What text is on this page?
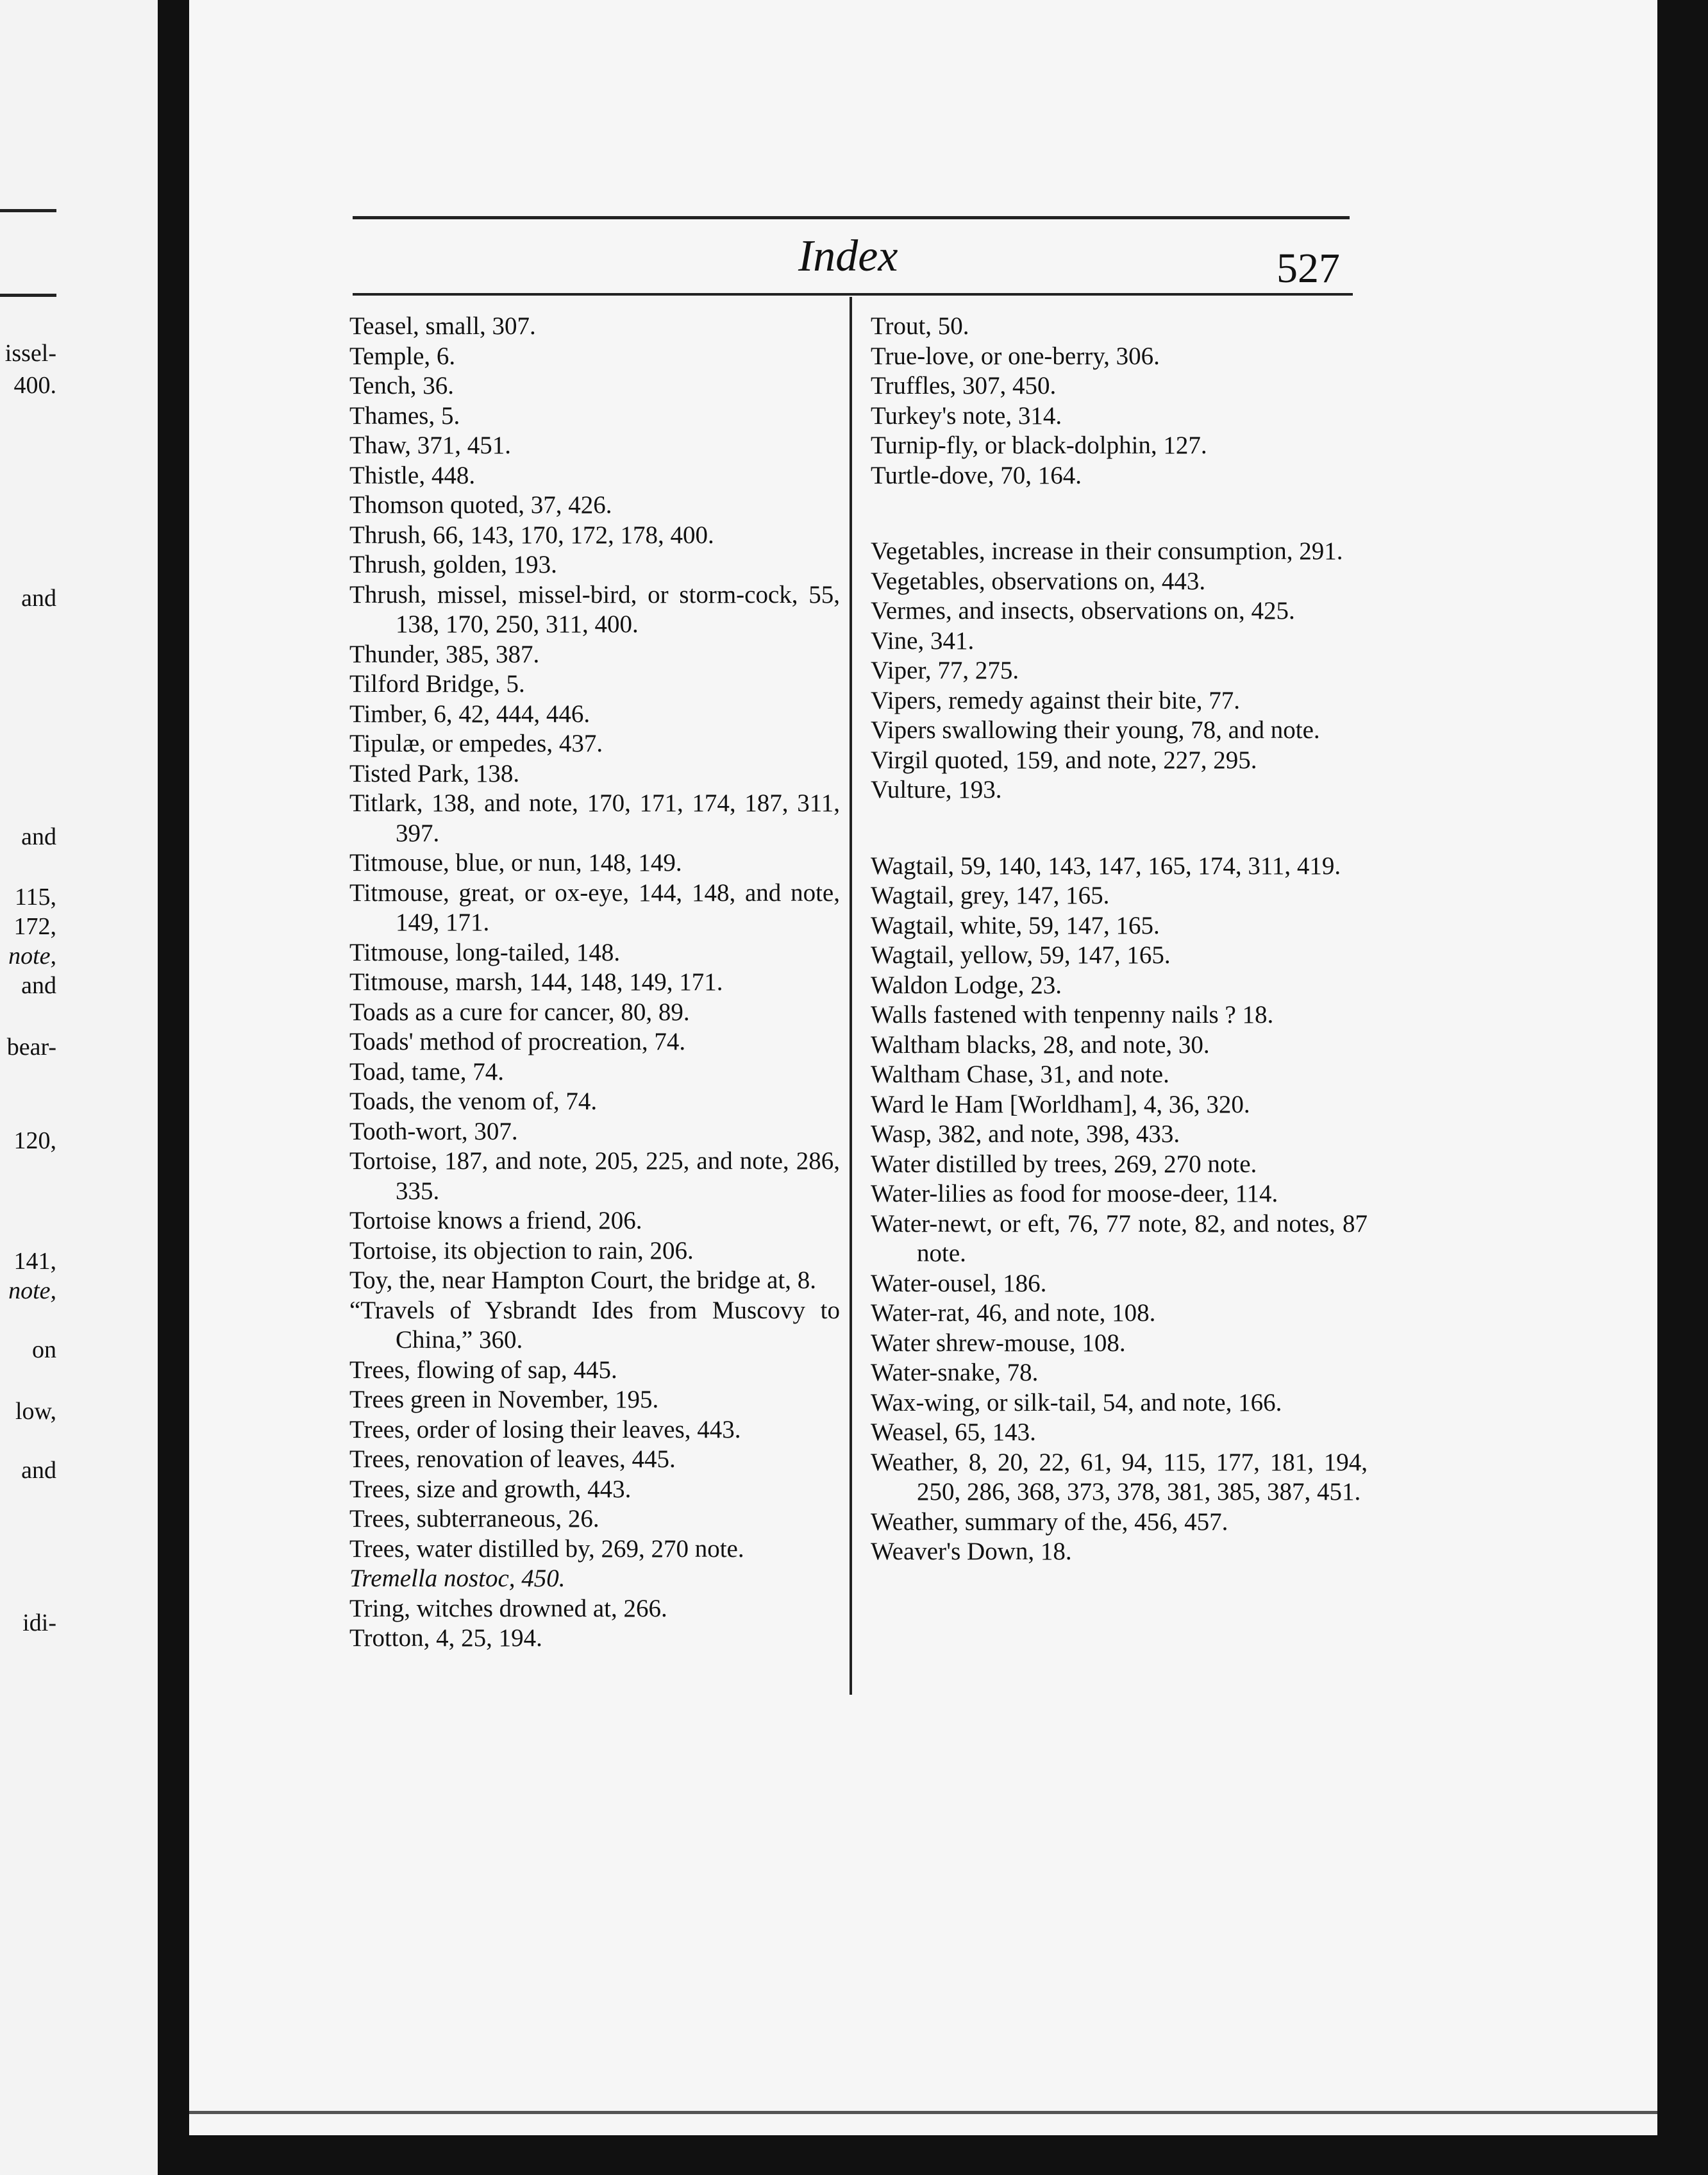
issel-
400.
and
and
115,
172,
note,
and
bear-
120,
141,
note,
on
low,
and
idi-
Index	527
Teasel, small, 307.
Temple, 6.
Tench, 36.
Thames, 5.
Thaw, 371, 451.
Thistle, 448.
Thomson quoted, 37, 426.
Thrush, 66, 143, 170, 172, 178, 400.
Thrush, golden, 193.
Thrush, missel, missel-bird, or storm-cock, 55, 138, 170, 250, 311, 400.
Thunder, 385, 387.
Tilford Bridge, 5.
Timber, 6, 42, 444, 446.
Tipulæ, or empedes, 437.
Tisted Park, 138.
Titlark, 138, and note, 170, 171, 174, 187, 311, 397.
Titmouse, blue, or nun, 148, 149.
Titmouse, great, or ox-eye, 144, 148, and note, 149, 171.
Titmouse, long-tailed, 148.
Titmouse, marsh, 144, 148, 149, 171.
Toads as a cure for cancer, 80, 89.
Toads' method of procreation, 74.
Toad, tame, 74.
Toads, the venom of, 74.
Tooth-wort, 307.
Tortoise, 187, and note, 205, 225, and note, 286, 335.
Tortoise knows a friend, 206.
Tortoise, its objection to rain, 206.
Toy, the, near Hampton Court, the bridge at, 8.
“Travels of Ysbrandt Ides from Muscovy to China,” 360.
Trees, flowing of sap, 445.
Trees green in November, 195.
Trees, order of losing their leaves, 443.
Trees, renovation of leaves, 445.
Trees, size and growth, 443.
Trees, subterraneous, 26.
Trees, water distilled by, 269, 270 note.
Tremella nostoc, 450.
Tring, witches drowned at, 266.
Trotton, 4, 25, 194.
Trout, 50.
True-love, or one-berry, 306.
Truffles, 307, 450.
Turkey's note, 314.
Turnip-fly, or black-dolphin, 127.
Turtle-dove, 70, 164.
Vegetables, increase in their consumption, 291.
Vegetables, observations on, 443.
Vermes, and insects, observations on, 425.
Vine, 341.
Viper, 77, 275.
Vipers, remedy against their bite, 77.
Vipers swallowing their young, 78, and note.
Virgil quoted, 159, and note, 227, 295.
Vulture, 193.
Wagtail, 59, 140, 143, 147, 165, 174, 311, 419.
Wagtail, grey, 147, 165.
Wagtail, white, 59, 147, 165.
Wagtail, yellow, 59, 147, 165.
Waldon Lodge, 23.
Walls fastened with tenpenny nails ? 18.
Waltham blacks, 28, and note, 30.
Waltham Chase, 31, and note.
Ward le Ham [Worldham], 4, 36, 320.
Wasp, 382, and note, 398, 433.
Water distilled by trees, 269, 270 note.
Water-lilies as food for moose-deer, 114.
Water-newt, or eft, 76, 77 note, 82, and notes, 87 note.
Water-ousel, 186.
Water-rat, 46, and note, 108.
Water shrew-mouse, 108.
Water-snake, 78.
Wax-wing, or silk-tail, 54, and note, 166.
Weasel, 65, 143.
Weather, 8, 20, 22, 61, 94, 115, 177, 181, 194, 250, 286, 368, 373, 378, 381, 385, 387, 451.
Weather, summary of the, 456, 457.
Weaver's Down, 18.
